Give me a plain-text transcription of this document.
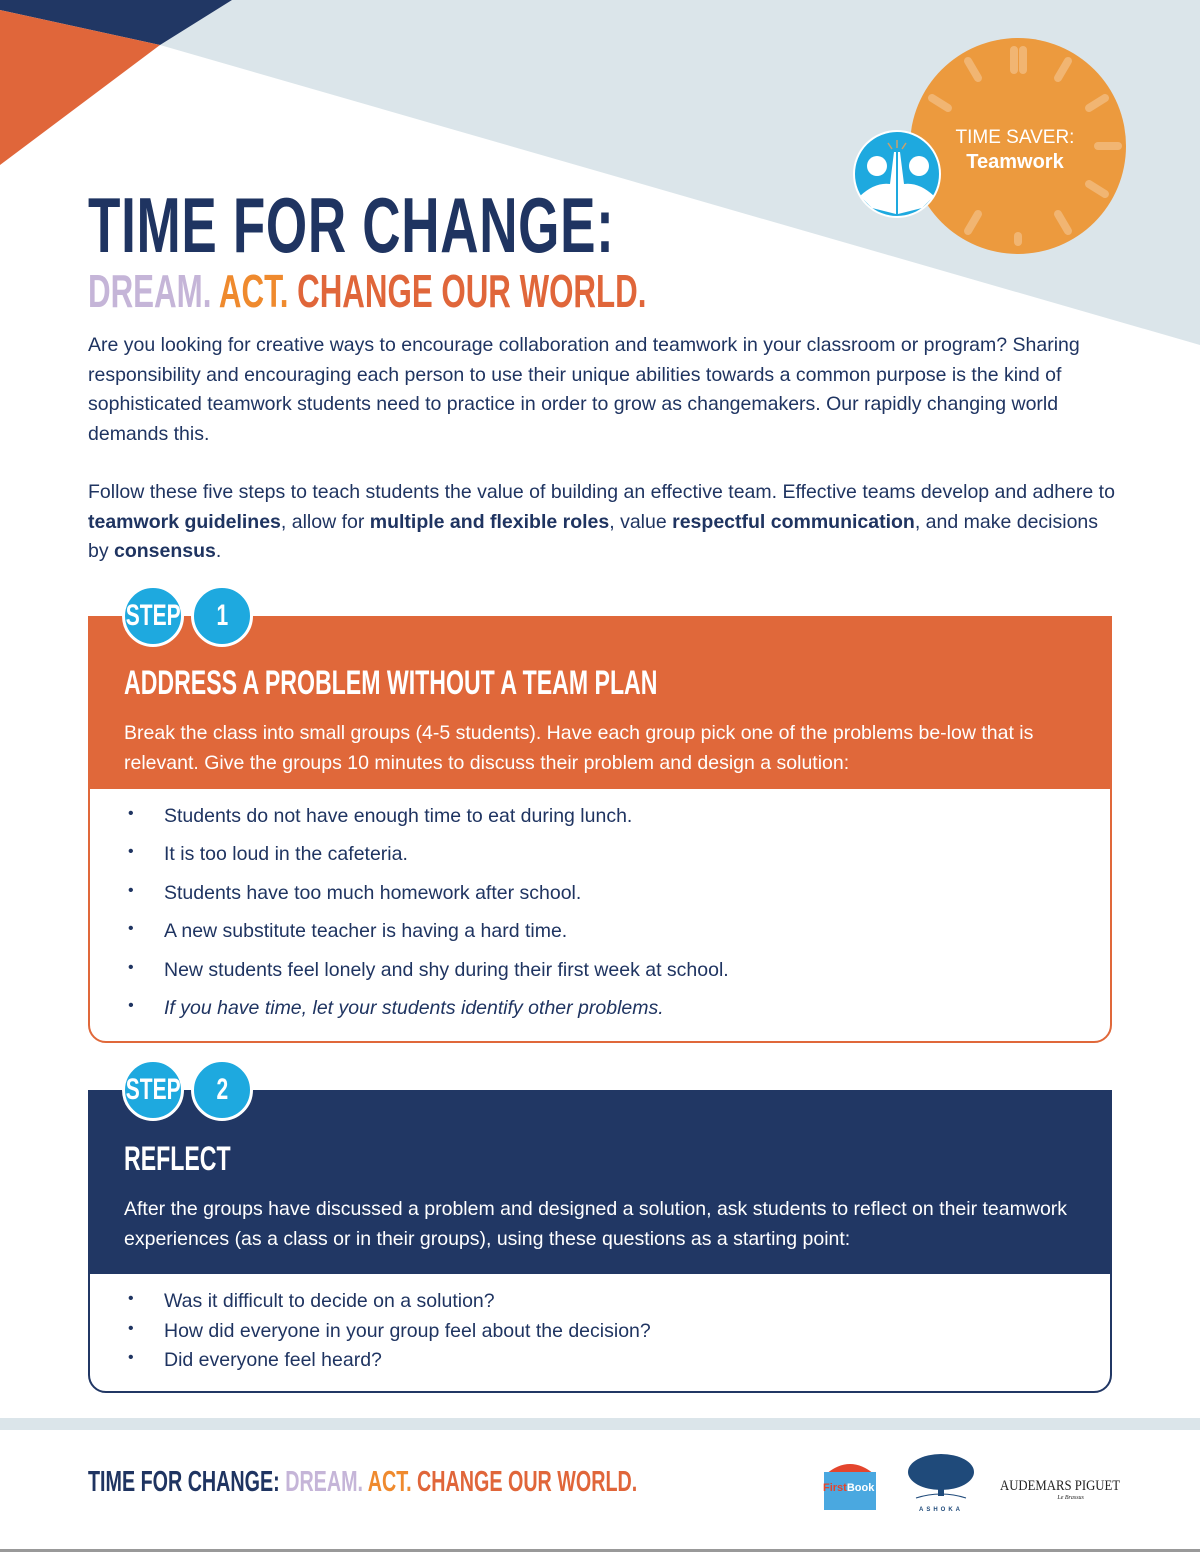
TIME SAVER:
Teamwork
TIME FOR CHANGE:
DREAM. ACT. CHANGE OUR WORLD.

Are you looking for creative ways to encourage collaboration and teamwork in your classroom or program? Sharing responsibility and encouraging each person to use their unique abilities towards a common purpose is the kind of sophisticated teamwork students need to practice in order to grow as changemakers. Our rapidly changing world demands this.

Follow these five steps to teach students the value of building an effective team. Effective teams develop and adhere to teamwork guidelines, allow for multiple and flexible roles, value respectful communication, and make decisions by consensus.

ADDRESS A PROBLEM WITHOUT A TEAM PLAN

Break the class into small groups (4-5 students). Have each group pick one of the problems be-low that is relevant. Give the groups 10 minutes to discuss their problem and design a solution:

• Students do not have enough time to eat during lunch.
• It is too loud in the cafeteria.
• Students have too much homework after school.
• A new substitute teacher is having a hard time.
• New students feel lonely and shy during their first week at school.
• If you have time, let your students identify other problems.
STEP 1
REFLECT

After the groups have discussed a problem and designed a solution, ask students to reflect on their teamwork experiences (as a class or in their groups), using these questions as a starting point:

• Was it difficult to decide on a solution?
• How did everyone in your group feel about the decision?
• Did everyone feel heard?
STEP 2
TIME FOR CHANGE: DREAM. ACT. CHANGE OUR WORLD.	FirstBook
ASHOKA
AUDEMARS PIGUET
Le Brassus
